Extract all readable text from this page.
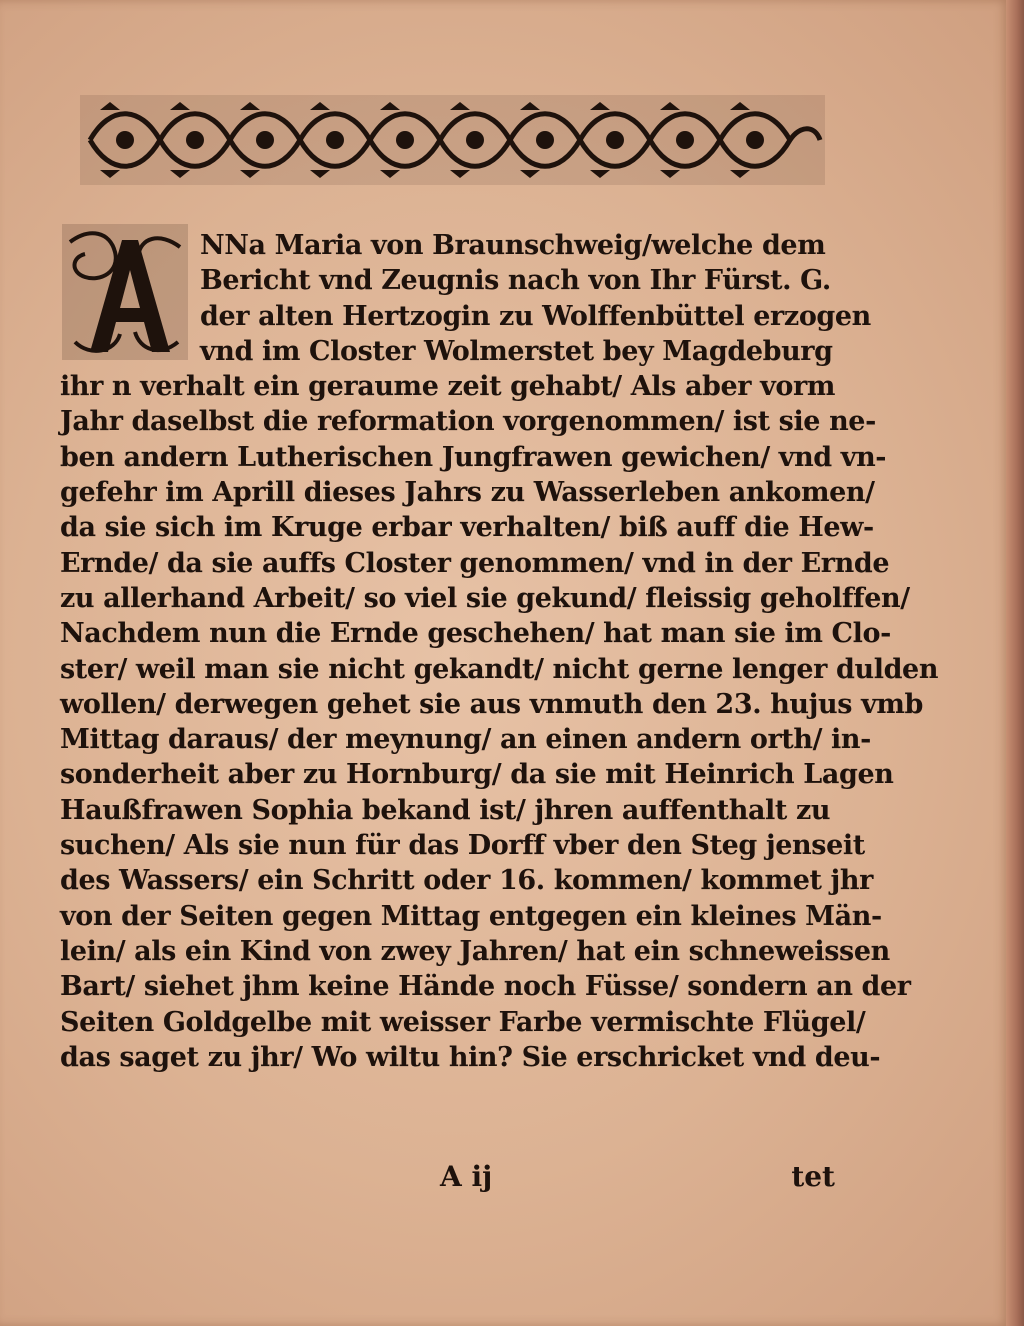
NNa Maria von Braunschweig/welche dem
Bericht vnd Zeugnis nach von Ihr Fürst. G.
der alten Hertzogin zu Wolffenbüttel erzogen
vnd im Closter Wolmerstet bey Magdeburg
ihr n verhalt ein geraume zeit gehabt/ Als aber vorm
Jahr daselbst die reformation vorgenommen/ ist sie ne-
ben andern Lutherischen Jungfrawen gewichen/ vnd vn-
gefehr im Aprill dieses Jahrs zu Wasserleben ankomen/
da sie sich im Kruge erbar verhalten/ biß auff die Hew-
Ernde/ da sie auffs Closter genommen/ vnd in der Ernde
zu allerhand Arbeit/ so viel sie gekund/ fleissig geholffen/
Nachdem nun die Ernde geschehen/ hat man sie im Clo-
ster/ weil man sie nicht gekandt/ nicht gerne lenger dulden
wollen/ derwegen gehet sie aus vnmuth den 23. hujus vmb
Mittag daraus/ der meynung/ an einen andern orth/ in-
sonderheit aber zu Hornburg/ da sie mit Heinrich Lagen
Haußfrawen Sophia bekand ist/ jhren auffenthalt zu
suchen/ Als sie nun für das Dorff vber den Steg jenseit
des Wassers/ ein Schritt oder 16. kommen/ kommet jhr
von der Seiten gegen Mittag entgegen ein kleines Män-
lein/ als ein Kind von zwey Jahren/ hat ein schneweissen
Bart/ siehet jhm keine Hände noch Füsse/ sondern an der
Seiten Goldgelbe mit weisser Farbe vermischte Flügel/
das saget zu jhr/ Wo wiltu hin? Sie erschricket vnd deu-
A ij	tet
